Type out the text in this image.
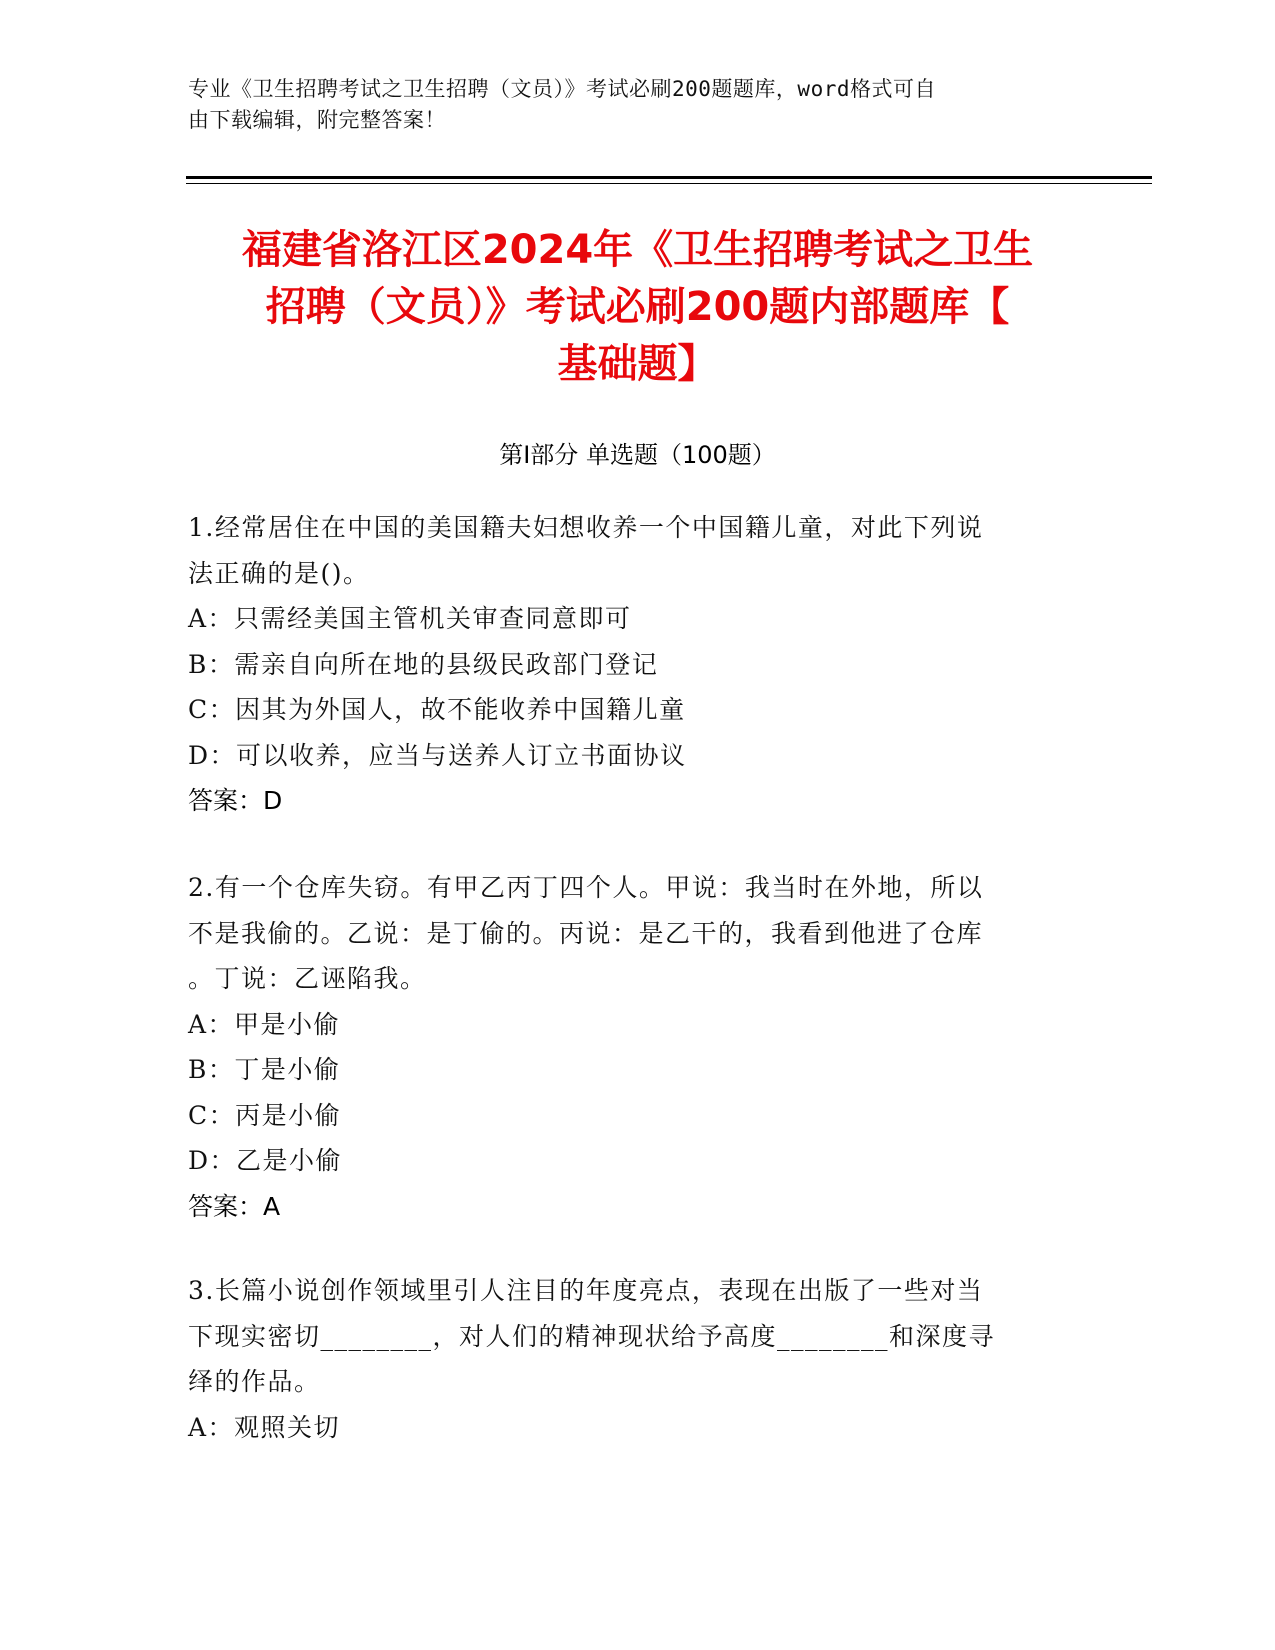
专业《卫生招聘考试之卫生招聘（文员）》考试必刷200题题库，word格式可自
由下载编辑，附完整答案！
福建省洛江区2024年《卫生招聘考试之卫生
招聘（文员）》考试必刷200题内部题库【
基础题】
第Ⅰ部分 单选题（100题）

1.经常居住在中国的美国籍夫妇想收养一个中国籍儿童，对此下列说

法正确的是()。

A：只需经美国主管机关审查同意即可

B：需亲自向所在地的县级民政部门登记

C：因其为外国人，故不能收养中国籍儿童

D：可以收养，应当与送养人订立书面协议

答案：D

2.有一个仓库失窃。有甲乙丙丁四个人。甲说：我当时在外地，所以

不是我偷的。乙说：是丁偷的。丙说：是乙干的，我看到他进了仓库

。丁说：乙诬陷我。

A：甲是小偷

B：丁是小偷

C：丙是小偷

D：乙是小偷

答案：A

3.长篇小说创作领域里引人注目的年度亮点，表现在出版了一些对当

下现实密切________，对人们的精神现状给予高度________和深度寻

绎的作品。

A：观照关切
